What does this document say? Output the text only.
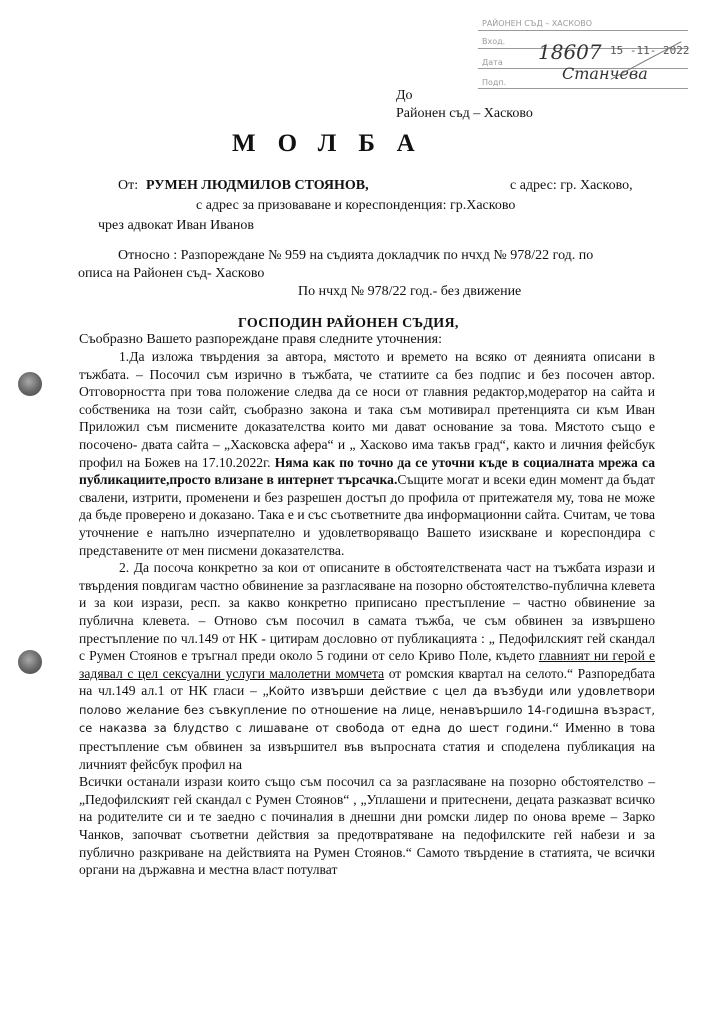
РАЙОНЕН СЪД – ХАСКОВО
Вход.
Дата
Подп.
18607 15 -11- 2022
Станчева
До
Районен съд – Хасково
МОЛБА
От: РУМЕН ЛЮДМИЛОВ СТОЯНОВ,	с адрес: гр. Хасково,
с адрес за призоваване и кореспонденция: гр.Хасково
чрез адвокат Иван Иванов
Относно : Разпореждане № 959 на съдията докладчик по нчхд № 978/22 год. по
описа на Районен съд- Хасково
По нчхд № 978/22 год.- без движение
ГОСПОДИН РАЙОНЕН СЪДИЯ,
Съобразно Вашето разпореждане правя следните уточнения:

1.Да изложа твърдения за автора, мястото и времето на всяко от деянията описани в тъжбата. – Посочил съм изрично в тъжбата, че статиите са без подпис и без посочен автор. Отговорността при това положение следва да се носи от главния редактор,модератор на сайта и собственика на този сайт, съобразно закона и така съм мотивирал претенцията си към Иван Приложил съм писмените доказателства които ми дават основание за това. Мястото също е посочено- двата сайта – „Хасковска афера“ и „ Хасково има такъв град“, както и личния фейсбук профил на Божев на 17.10.2022г. Няма как по точно да се уточни къде в социалната мрежа са публикациите,просто влизане в интернет търсачка.Същите могат и всеки един момент да бъдат свалени, изтрити, променени и без разрешен достъп до профила от притежателя му, това не може да бъде проверено и доказано. Така е и със съответните два информационни сайта. Считам, че това уточнение е напълно изчерпателно и удовлетворяващо Вашето изискване и кореспондира с представените от мен писмени доказателства.

2. Да посоча конкретно за кои от описаните в обстоятелствената част на тъжбата изрази и твърдения повдигам частно обвинение за разгласяване на позорно обстоятелство-публична клевета и за кои изрази, респ. за какво конкретно приписано престъпление – частно обвинение за публична клевета. – Отново съм посочил в самата тъжба, че съм обвинен за извършено престъпление по чл.149 от НК - цитирам дословно от публикацията : „ Педофилският гей скандал с Румен Стоянов е тръгнал преди около 5 години от село Криво Поле, където главният ни герой е задявал с цел сексуални услуги малолетни момчета от ромския квартал на селото.“ Разпоредбата на чл.149 ал.1 от НК гласи – „Който извърши действие с цел да възбуди или удовлетвори полово желание без съвкупление по отношение на лице, ненавършило 14-годишна възраст, се наказва за блудство с лишаване от свобода от една до шест години.“ Именно в това престъпление съм обвинен за извършител във въпросната статия и споделена публикация на личният фейсбук профил на

Всички останали изрази които също съм посочил са за разгласяване на позорно обстоятелство – „Педофилският гей скандал с Румен Стоянов“ , „Уплашени и притеснени, децата разказват всичко на родителите си и те заедно с починалия в днешни дни ромски лидер по онова време – Зарко Чанков, започват съответни действия за предотвратяване на педофилските гей набези и за публично разкриване на действията на Румен Стоянов.“ Самото твърдение в статията, че всички органи на държавна и местна власт потулват
